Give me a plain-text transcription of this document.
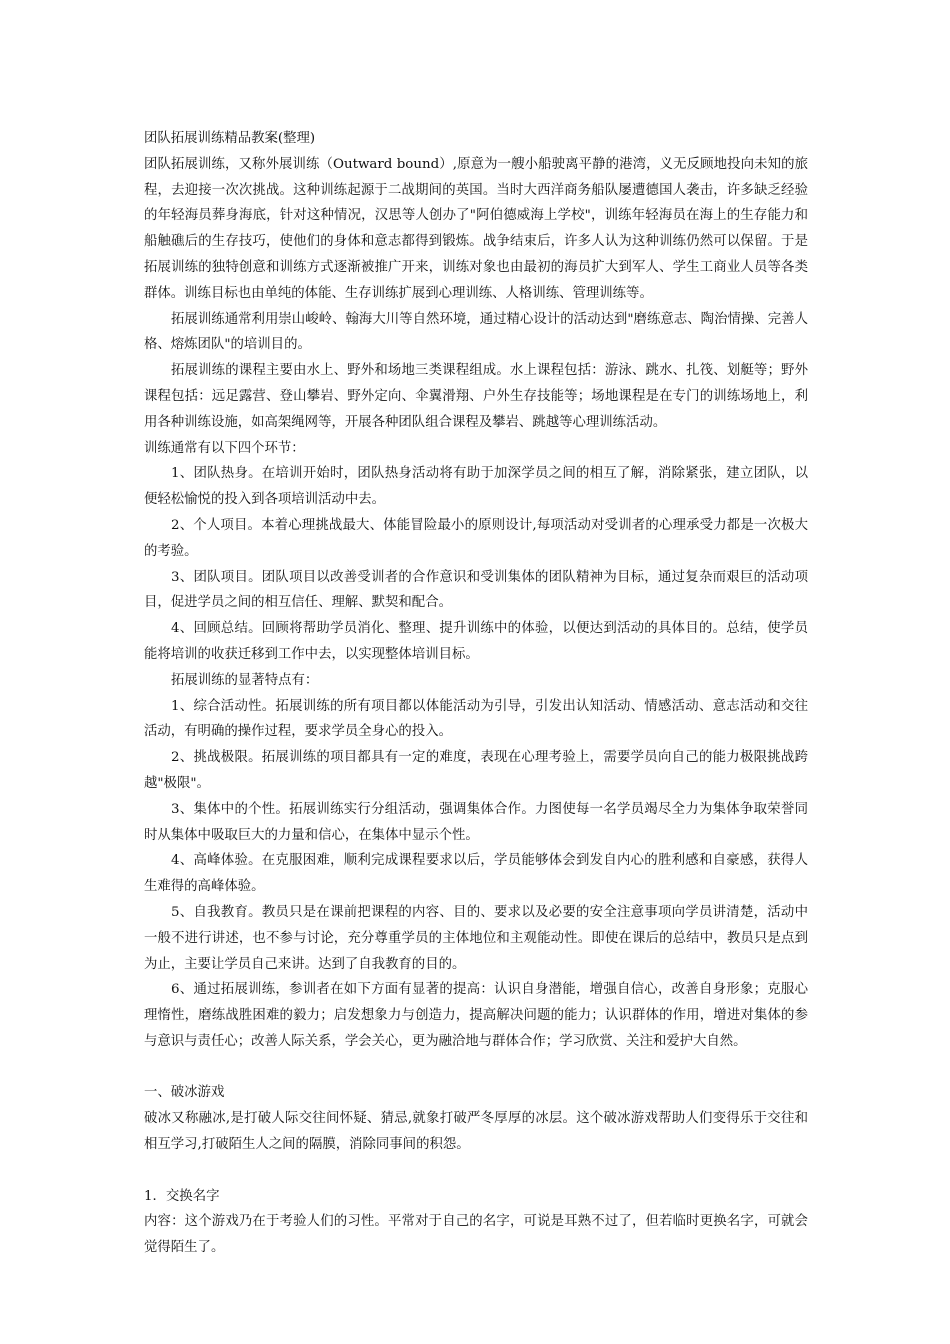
团队拓展训练精品教案(整理)

团队拓展训练，又称外展训练（Outward bound）,原意为一艘小船驶离平静的港湾，义无反顾地投向未知的旅程，去迎接一次次挑战。这种训练起源于二战期间的英国。当时大西洋商务船队屡遭德国人袭击，许多缺乏经验的年轻海员葬身海底，针对这种情况，汉思等人创办了"阿伯德威海上学校"，训练年轻海员在海上的生存能力和船触礁后的生存技巧，使他们的身体和意志都得到锻炼。战争结束后，许多人认为这种训练仍然可以保留。于是拓展训练的独特创意和训练方式逐渐被推广开来，训练对象也由最初的海员扩大到军人、学生工商业人员等各类群体。训练目标也由单纯的体能、生存训练扩展到心理训练、人格训练、管理训练等。

拓展训练通常利用崇山峻岭、翰海大川等自然环境，通过精心设计的活动达到"磨练意志、陶治情操、完善人格、熔炼团队"的培训目的。

拓展训练的课程主要由水上、野外和场地三类课程组成。水上课程包括：游泳、跳水、扎筏、划艇等；野外课程包括：远足露营、登山攀岩、野外定向、伞翼滑翔、户外生存技能等；场地课程是在专门的训练场地上，利用各种训练设施，如高架绳网等，开展各种团队组合课程及攀岩、跳越等心理训练活动。

训练通常有以下四个环节：

1、团队热身。在培训开始时，团队热身活动将有助于加深学员之间的相互了解，消除紧张，建立团队，以便轻松愉悦的投入到各项培训活动中去。

2、个人项目。本着心理挑战最大、体能冒险最小的原则设计,每项活动对受训者的心理承受力都是一次极大的考验。

3、团队项目。团队项目以改善受训者的合作意识和受训集体的团队精神为目标，通过复杂而艰巨的活动项目，促进学员之间的相互信任、理解、默契和配合。

4、回顾总结。回顾将帮助学员消化、整理、提升训练中的体验，以便达到活动的具体目的。总结，使学员能将培训的收获迁移到工作中去，以实现整体培训目标。

拓展训练的显著特点有：

1、综合活动性。拓展训练的所有项目都以体能活动为引导，引发出认知活动、情感活动、意志活动和交往活动，有明确的操作过程，要求学员全身心的投入。

2、挑战极限。拓展训练的项目都具有一定的难度，表现在心理考验上，需要学员向自己的能力极限挑战跨越"极限"。

3、集体中的个性。拓展训练实行分组活动，强调集体合作。力图使每一名学员竭尽全力为集体争取荣誉同时从集体中吸取巨大的力量和信心，在集体中显示个性。

4、高峰体验。在克服困难，顺利完成课程要求以后，学员能够体会到发自内心的胜利感和自豪感，获得人生难得的高峰体验。

5、自我教育。教员只是在课前把课程的内容、目的、要求以及必要的安全注意事项向学员讲清楚，活动中一般不进行讲述，也不参与讨论，充分尊重学员的主体地位和主观能动性。即使在课后的总结中，教员只是点到为止，主要让学员自己来讲。达到了自我教育的目的。

6、通过拓展训练，参训者在如下方面有显著的提高：认识自身潜能，增强自信心，改善自身形象；克服心理惰性，磨练战胜困难的毅力；启发想象力与创造力，提高解决问题的能力；认识群体的作用，增进对集体的参与意识与责任心；改善人际关系，学会关心，更为融洽地与群体合作；学习欣赏、关注和爱护大自然。

一、破冰游戏

破冰又称融冰,是打破人际交往间怀疑、猜忌,就象打破严冬厚厚的冰层。这个破冰游戏帮助人们变得乐于交往和相互学习,打破陌生人之间的隔膜，消除同事间的积怨。

1．交换名字

内容：这个游戏乃在于考验人们的习性。平常对于自己的名字，可说是耳熟不过了，但若临时更换名字，可就会觉得陌生了。
